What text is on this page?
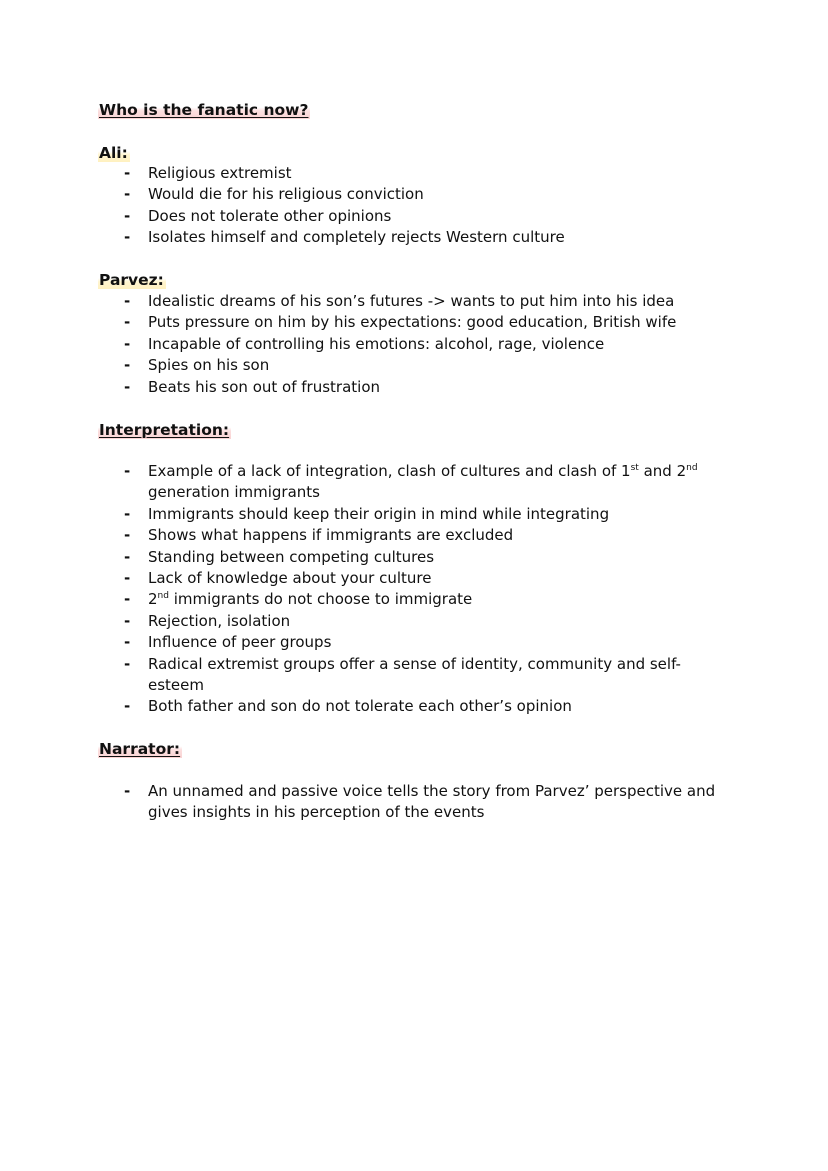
Who is the fanatic now?
Ali:
- Religious extremist
- Would die for his religious conviction
- Does not tolerate other opinions
- Isolates himself and completely rejects Western culture
Parvez:
- Idealistic dreams of his son’s futures -> wants to put him into his idea
- Puts pressure on him by his expectations: good education, British wife
- Incapable of controlling his emotions: alcohol, rage, violence
- Spies on his son
- Beats his son out of frustration
Interpretation:
- Example of a lack of integration, clash of cultures and clash of 1st and 2nd generation immigrants
- Immigrants should keep their origin in mind while integrating
- Shows what happens if immigrants are excluded
- Standing between competing cultures
- Lack of knowledge about your culture
- 2nd immigrants do not choose to immigrate
- Rejection, isolation
- Influence of peer groups
- Radical extremist groups offer a sense of identity, community and self-esteem
- Both father and son do not tolerate each other’s opinion
Narrator:
- An unnamed and passive voice tells the story from Parvez’ perspective and gives insights in his perception of the events
